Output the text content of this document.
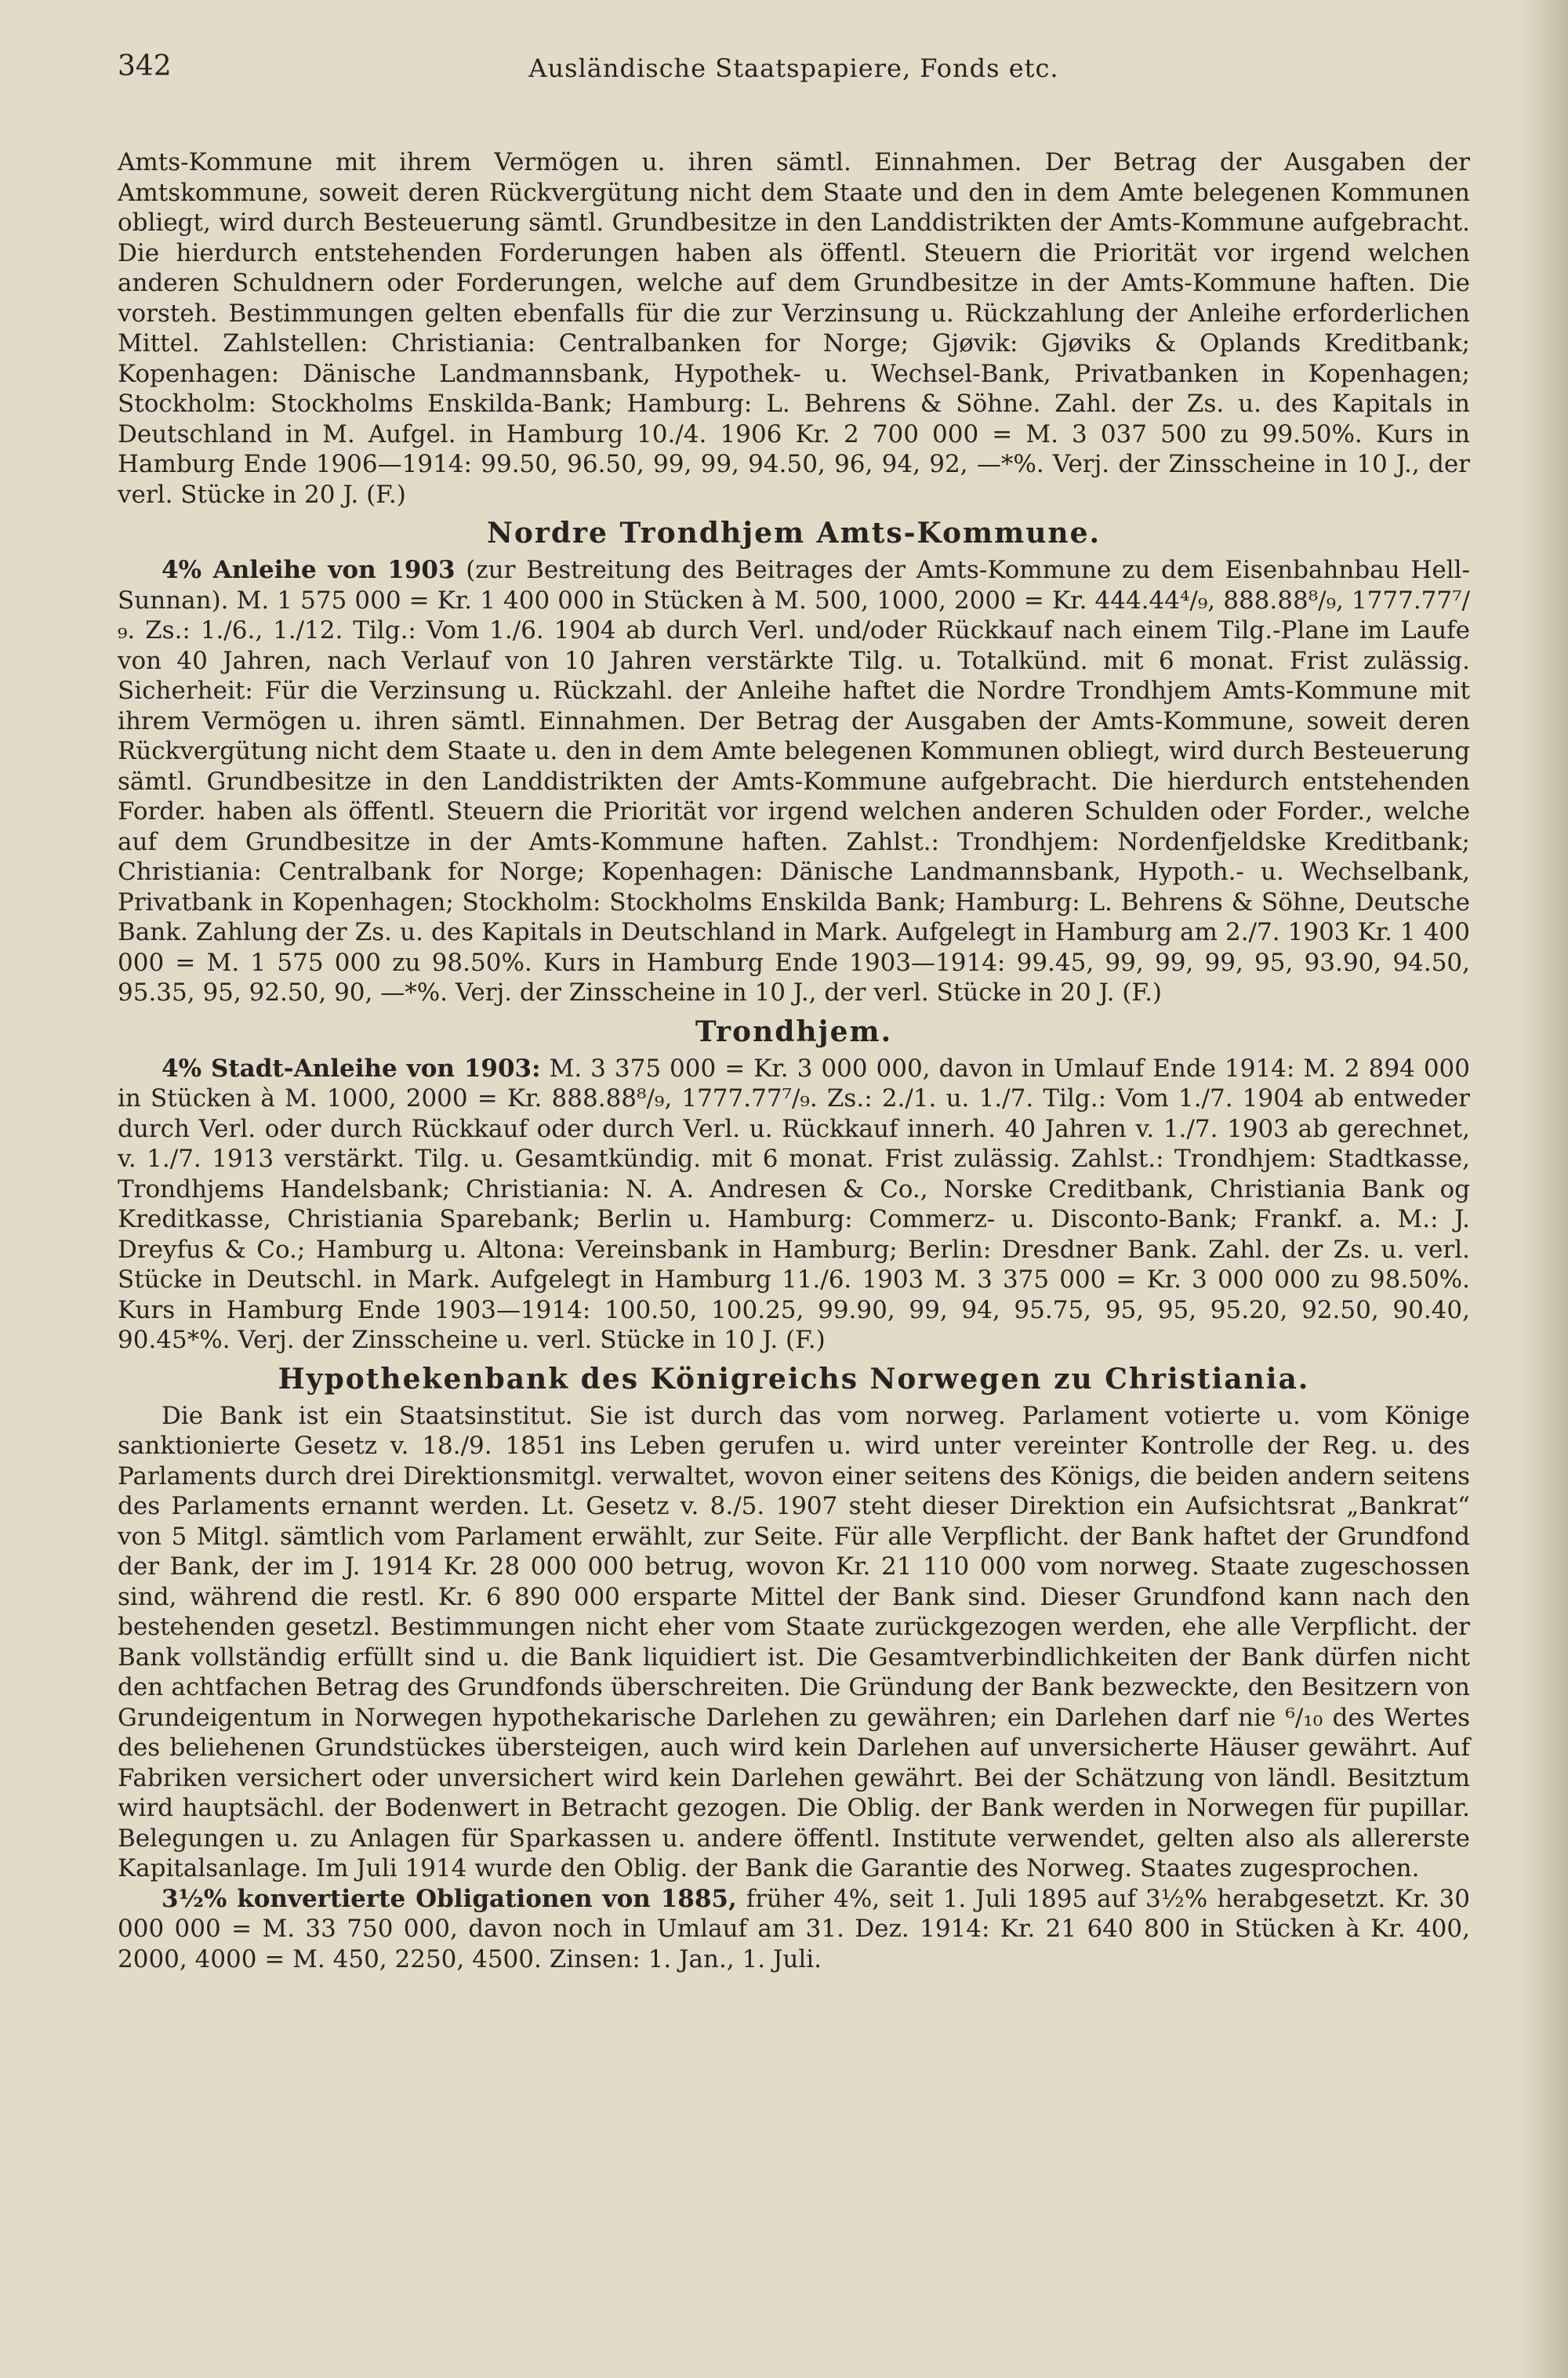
342	Ausländische Staatspapiere, Fonds etc.

Amts-Kommune mit ihrem Vermögen u. ihren sämtl. Einnahmen. Der Betrag der Ausgaben der Amtskommune, soweit deren Rückvergütung nicht dem Staate und den in dem Amte belegenen Kommunen obliegt, wird durch Besteuerung sämtl. Grundbesitze in den Landdistrikten der Amts-Kommune aufgebracht. Die hierdurch entstehenden Forderungen haben als öffentl. Steuern die Priorität vor irgend welchen anderen Schuldnern oder Forderungen, welche auf dem Grundbesitze in der Amts-Kommune haften. Die vorsteh. Bestimmungen gelten ebenfalls für die zur Verzinsung u. Rückzahlung der Anleihe erforderlichen Mittel. Zahlstellen: Christiania: Centralbanken for Norge; Gjøvik: Gjøviks & Oplands Kreditbank; Kopenhagen: Dänische Landmannsbank, Hypothek- u. Wechsel-Bank, Privatbanken in Kopenhagen; Stockholm: Stockholms Enskilda-Bank; Hamburg: L. Behrens & Söhne. Zahl. der Zs. u. des Kapitals in Deutschland in M. Aufgel. in Hamburg 10./4. 1906 Kr. 2 700 000 = M. 3 037 500 zu 99.50%. Kurs in Hamburg Ende 1906—1914: 99.50, 96.50, 99, 99, 94.50, 96, 94, 92, —*%. Verj. der Zinsscheine in 10 J., der verl. Stücke in 20 J. (F.)

Nordre Trondhjem Amts-Kommune.

4% Anleihe von 1903 (zur Bestreitung des Beitrages der Amts-Kommune zu dem Eisenbahnbau Hell-Sunnan). M. 1 575 000 = Kr. 1 400 000 in Stücken à M. 500, 1000, 2000 = Kr. 444.44⁴/₉, 888.88⁸/₉, 1777.77⁷/₉. Zs.: 1./6., 1./12. Tilg.: Vom 1./6. 1904 ab durch Verl. und/oder Rückkauf nach einem Tilg.-Plane im Laufe von 40 Jahren, nach Verlauf von 10 Jahren verstärkte Tilg. u. Totalkünd. mit 6 monat. Frist zulässig. Sicherheit: Für die Verzinsung u. Rückzahl. der Anleihe haftet die Nordre Trondhjem Amts-Kommune mit ihrem Vermögen u. ihren sämtl. Einnahmen. Der Betrag der Ausgaben der Amts-Kommune, soweit deren Rückvergütung nicht dem Staate u. den in dem Amte belegenen Kommunen obliegt, wird durch Besteuerung sämtl. Grundbesitze in den Landdistrikten der Amts-Kommune aufgebracht. Die hierdurch entstehenden Forder. haben als öffentl. Steuern die Priorität vor irgend welchen anderen Schulden oder Forder., welche auf dem Grundbesitze in der Amts-Kommune haften. Zahlst.: Trondhjem: Nordenfjeldske Kreditbank; Christiania: Centralbank for Norge; Kopenhagen: Dänische Landmannsbank, Hypoth.- u. Wechselbank, Privatbank in Kopenhagen; Stockholm: Stockholms Enskilda Bank; Hamburg: L. Behrens & Söhne, Deutsche Bank. Zahlung der Zs. u. des Kapitals in Deutschland in Mark. Aufgelegt in Hamburg am 2./7. 1903 Kr. 1 400 000 = M. 1 575 000 zu 98.50%. Kurs in Hamburg Ende 1903—1914: 99.45, 99, 99, 99, 95, 93.90, 94.50, 95.35, 95, 92.50, 90, —*%. Verj. der Zinsscheine in 10 J., der verl. Stücke in 20 J. (F.)

Trondhjem.

4% Stadt-Anleihe von 1903: M. 3 375 000 = Kr. 3 000 000, davon in Umlauf Ende 1914: M. 2 894 000 in Stücken à M. 1000, 2000 = Kr. 888.88⁸/₉, 1777.77⁷/₉. Zs.: 2./1. u. 1./7. Tilg.: Vom 1./7. 1904 ab entweder durch Verl. oder durch Rückkauf oder durch Verl. u. Rückkauf innerh. 40 Jahren v. 1./7. 1903 ab gerechnet, v. 1./7. 1913 verstärkt. Tilg. u. Gesamtkündig. mit 6 monat. Frist zulässig. Zahlst.: Trondhjem: Stadtkasse, Trondhjems Handelsbank; Christiania: N. A. Andresen & Co., Norske Creditbank, Christiania Bank og Kreditkasse, Christiania Sparebank; Berlin u. Hamburg: Commerz- u. Disconto-Bank; Frankf. a. M.: J. Dreyfus & Co.; Hamburg u. Altona: Vereinsbank in Hamburg; Berlin: Dresdner Bank. Zahl. der Zs. u. verl. Stücke in Deutschl. in Mark. Aufgelegt in Hamburg 11./6. 1903 M. 3 375 000 = Kr. 3 000 000 zu 98.50%. Kurs in Hamburg Ende 1903—1914: 100.50, 100.25, 99.90, 99, 94, 95.75, 95, 95, 95.20, 92.50, 90.40, 90.45*%. Verj. der Zinsscheine u. verl. Stücke in 10 J. (F.)

Hypothekenbank des Königreichs Norwegen zu Christiania.

Die Bank ist ein Staatsinstitut. Sie ist durch das vom norweg. Parlament votierte u. vom Könige sanktionierte Gesetz v. 18./9. 1851 ins Leben gerufen u. wird unter vereinter Kontrolle der Reg. u. des Parlaments durch drei Direktionsmitgl. verwaltet, wovon einer seitens des Königs, die beiden andern seitens des Parlaments ernannt werden. Lt. Gesetz v. 8./5. 1907 steht dieser Direktion ein Aufsichtsrat „Bankrat“ von 5 Mitgl. sämtlich vom Parlament erwählt, zur Seite. Für alle Verpflicht. der Bank haftet der Grundfond der Bank, der im J. 1914 Kr. 28 000 000 betrug, wovon Kr. 21 110 000 vom norweg. Staate zugeschossen sind, während die restl. Kr. 6 890 000 ersparte Mittel der Bank sind. Dieser Grundfond kann nach den bestehenden gesetzl. Bestimmungen nicht eher vom Staate zurückgezogen werden, ehe alle Verpflicht. der Bank vollständig erfüllt sind u. die Bank liquidiert ist. Die Gesamtverbindlichkeiten der Bank dürfen nicht den achtfachen Betrag des Grundfonds überschreiten. Die Gründung der Bank bezweckte, den Besitzern von Grundeigentum in Norwegen hypothekarische Darlehen zu gewähren; ein Darlehen darf nie ⁶/₁₀ des Wertes des beliehenen Grundstückes übersteigen, auch wird kein Darlehen auf unversicherte Häuser gewährt. Auf Fabriken versichert oder unversichert wird kein Darlehen gewährt. Bei der Schätzung von ländl. Besitztum wird hauptsächl. der Bodenwert in Betracht gezogen. Die Oblig. der Bank werden in Norwegen für pupillar. Belegungen u. zu Anlagen für Sparkassen u. andere öffentl. Institute verwendet, gelten also als allererste Kapitalsanlage. Im Juli 1914 wurde den Oblig. der Bank die Garantie des Norweg. Staates zugesprochen.

3½% konvertierte Obligationen von 1885, früher 4%, seit 1. Juli 1895 auf 3½% herabgesetzt. Kr. 30 000 000 = M. 33 750 000, davon noch in Umlauf am 31. Dez. 1914: Kr. 21 640 800 in Stücken à Kr. 400, 2000, 4000 = M. 450, 2250, 4500. Zinsen: 1. Jan., 1. Juli.
